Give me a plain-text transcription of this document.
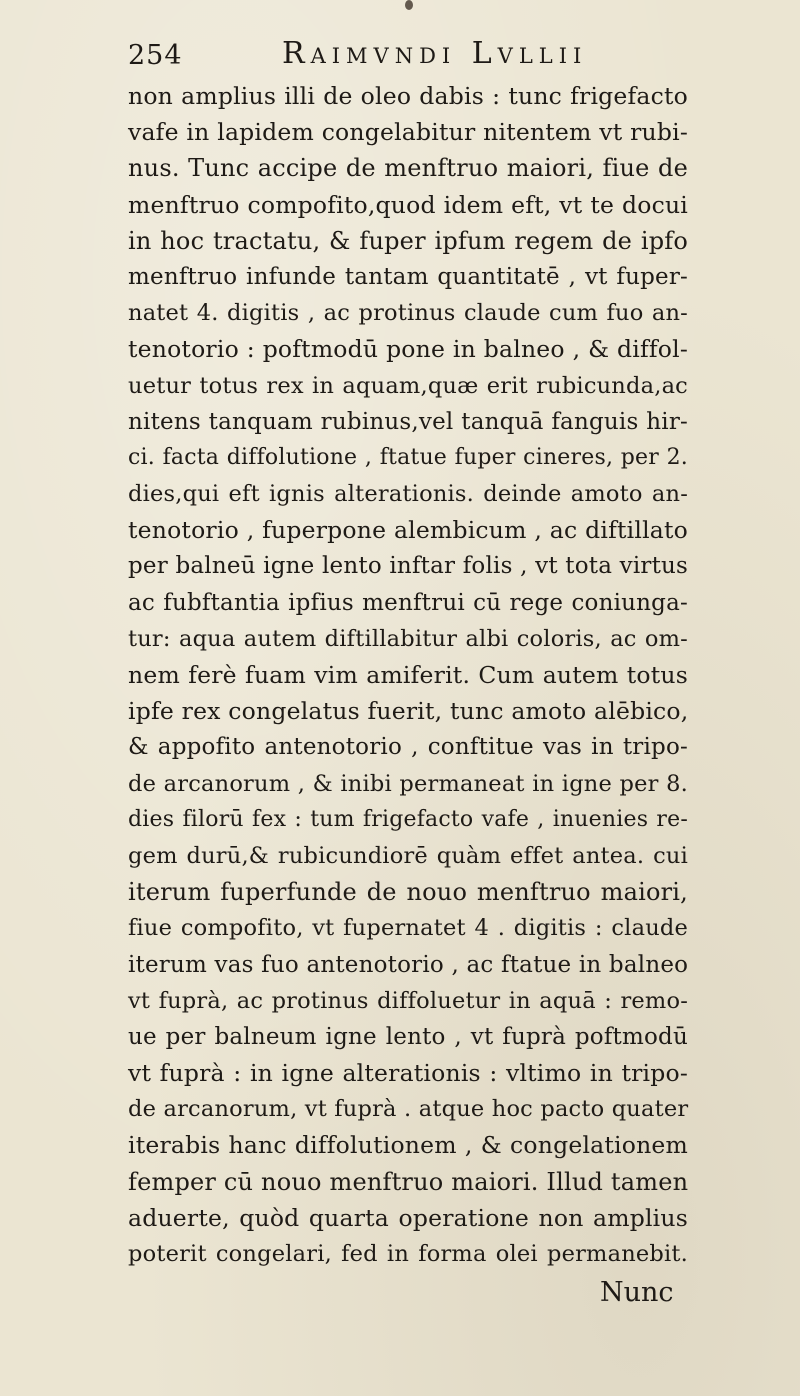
254	Raimvndi Lvllii
non amplius illi de oleo dabis : tunc frigefacto
vafe in lapidem congelabitur nitentem vt rubi-
nus. Tunc accipe de menftruo maiori, fiue de
menftruo compofito,quod idem eft, vt te docui
in hoc tractatu, & fuper ipfum regem de ipfo
menftruo infunde tantam quantitatē , vt fuper-
natet 4. digitis , ac protinus claude cum fuo an-
tenotorio : poftmodū pone in balneo , & diffol-
uetur totus rex in aquam,quæ erit rubicunda,ac
nitens tanquam rubinus,vel tanquā fanguis hir-
ci. facta diffolutione , ftatue fuper cineres, per 2.
dies,qui eft ignis alterationis. deinde amoto an-
tenotorio , fuperpone alembicum , ac diftillato
per balneū igne lento inftar folis , vt tota virtus
ac fubftantia ipfius menftrui cū rege coniunga-
tur: aqua autem diftillabitur albi coloris, ac om-
nem ferè fuam vim amiferit. Cum autem totus
ipfe rex congelatus fuerit, tunc amoto alēbico,
& appofito antenotorio , conftitue vas in tripo-
de arcanorum , & inibi permaneat in igne per 8.
dies filorū fex : tum frigefacto vafe , inuenies re-
gem durū,& rubicundiorē quàm effet antea. cui
iterum fuperfunde de nouo menftruo maiori,
fiue compofito, vt fupernatet 4 . digitis : claude
iterum vas fuo antenotorio , ac ftatue in balneo
vt fuprà, ac protinus diffoluetur in aquā : remo-
ue per balneum igne lento , vt fuprà poftmodū
vt fuprà : in igne alterationis : vltimo in tripo-
de arcanorum, vt fuprà . atque hoc pacto quater
iterabis hanc diffolutionem , & congelationem
femper cū nouo menftruo maiori. Illud tamen
aduerte, quòd quarta operatione non amplius
poterit congelari, fed in forma olei permanebit.
Nunc
